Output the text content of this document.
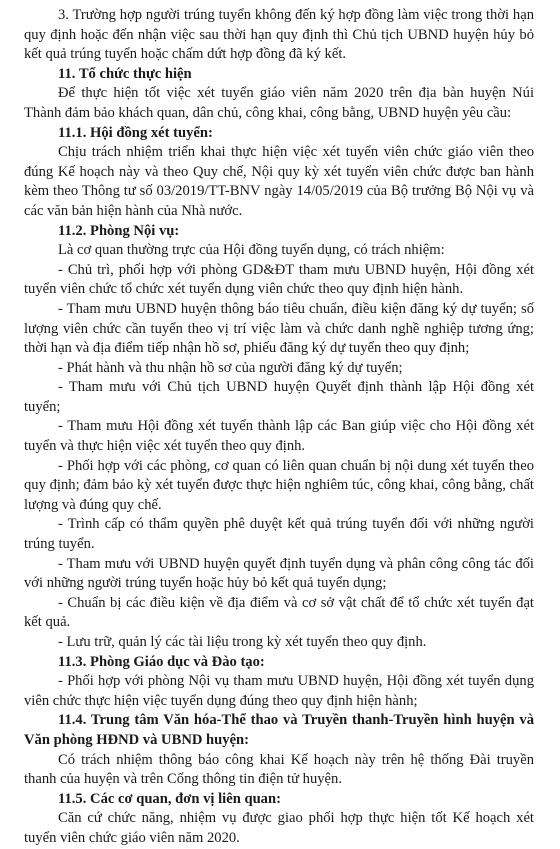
3. Trường hợp người trúng tuyển không đến ký hợp đồng làm việc trong thời hạn quy định hoặc đến nhận việc sau thời hạn quy định thì Chủ tịch UBND huyện hủy bỏ kết quả trúng tuyển hoặc chấm dứt hợp đồng đã ký kết.

11. Tổ chức thực hiện

Để thực hiện tốt việc xét tuyển giáo viên năm 2020 trên địa bàn huyện Núi Thành đảm bảo khách quan, dân chủ, công khai, công bằng, UBND huyện yêu cầu:

11.1. Hội đồng xét tuyển:

Chịu trách nhiệm triển khai thực hiện việc xét tuyển viên chức giáo viên theo đúng Kế hoạch này và theo Quy chế, Nội quy kỳ xét tuyển viên chức được ban hành kèm theo Thông tư số 03/2019/TT-BNV ngày 14/05/2019 của Bộ trưởng Bộ Nội vụ và các văn bản hiện hành của Nhà nước.

11.2. Phòng Nội vụ:

Là cơ quan thường trực của Hội đồng tuyển dụng, có trách nhiệm:

- Chủ trì, phối hợp với phòng GD&ĐT tham mưu UBND huyện, Hội đồng xét tuyển viên chức tổ chức xét tuyển dụng viên chức theo quy định hiện hành.

- Tham mưu UBND huyện thông báo tiêu chuẩn, điều kiện đăng ký dự tuyển; số lượng viên chức cần tuyển theo vị trí việc làm và chức danh nghề nghiệp tương ứng; thời hạn và địa điểm tiếp nhận hồ sơ, phiếu đăng ký dự tuyển theo quy định;

- Phát hành và thu nhận hồ sơ của người đăng ký dự tuyển;

- Tham mưu với Chủ tịch UBND huyện Quyết định thành lập Hội đồng xét tuyển;

- Tham mưu Hội đồng xét tuyển thành lập các Ban giúp việc cho Hội đồng xét tuyển và thực hiện việc xét tuyển theo quy định.

- Phối hợp với các phòng, cơ quan có liên quan chuẩn bị nội dung xét tuyển theo quy định; đảm bảo kỳ xét tuyển được thực hiện nghiêm túc, công khai, công bằng, chất lượng và đúng quy chế.

- Trình cấp có thẩm quyền phê duyệt kết quả trúng tuyển đối với những người trúng tuyển.

- Tham mưu với UBND huyện quyết định tuyển dụng và phân công công tác đối với những người trúng tuyển hoặc hủy bỏ kết quả tuyển dụng;

- Chuẩn bị các điều kiện về địa điểm và cơ sở vật chất để tổ chức xét tuyển đạt kết quả.

- Lưu trữ, quản lý các tài liệu trong kỳ xét tuyển theo quy định.

11.3. Phòng Giáo dục và Đào tạo:

- Phối hợp với phòng Nội vụ tham mưu UBND huyện, Hội đồng xét tuyển dụng viên chức thực hiện việc tuyển dụng đúng theo quy định hiện hành;

11.4. Trung tâm Văn hóa-Thể thao và Truyền thanh-Truyền hình huyện và Văn phòng HĐND và UBND huyện:

Có trách nhiệm thông báo công khai Kế hoạch này trên hệ thống Đài truyền thanh của huyện và trên Cổng thông tin điện tử huyện.

11.5. Các cơ quan, đơn vị liên quan:

Căn cứ chức năng, nhiệm vụ được giao phối hợp thực hiện tốt Kế hoạch xét tuyển viên chức giáo viên năm 2020.
